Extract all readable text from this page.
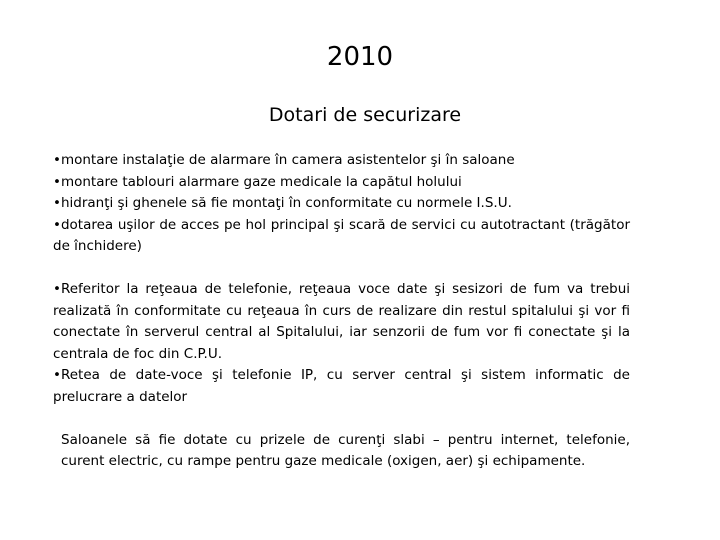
2010
Dotari de securizare

•montare instalaţie de alarmare în camera asistentelor şi în saloane

•montare tablouri alarmare gaze medicale la capătul holului

•hidranţi şi ghenele să fie montaţi în conformitate cu normele I.S.U.

•dotarea uşilor de acces pe hol principal şi scară de servici cu autotractant (trăgător de închidere)

•Referitor la reţeaua de telefonie, reţeaua voce date şi sesizori de fum va trebui realizată în conformitate cu reţeaua în curs de realizare din restul spitalului şi vor fi conectate în serverul central al Spitalului, iar senzorii de fum vor fi conectate şi la centrala de foc din C.P.U.

•Retea de date-voce şi telefonie IP, cu server central şi sistem informatic de prelucrare a datelor

Saloanele să fie dotate cu prizele de curenţi slabi – pentru internet, telefonie, curent electric, cu rampe pentru gaze medicale (oxigen, aer) şi echipamente.
